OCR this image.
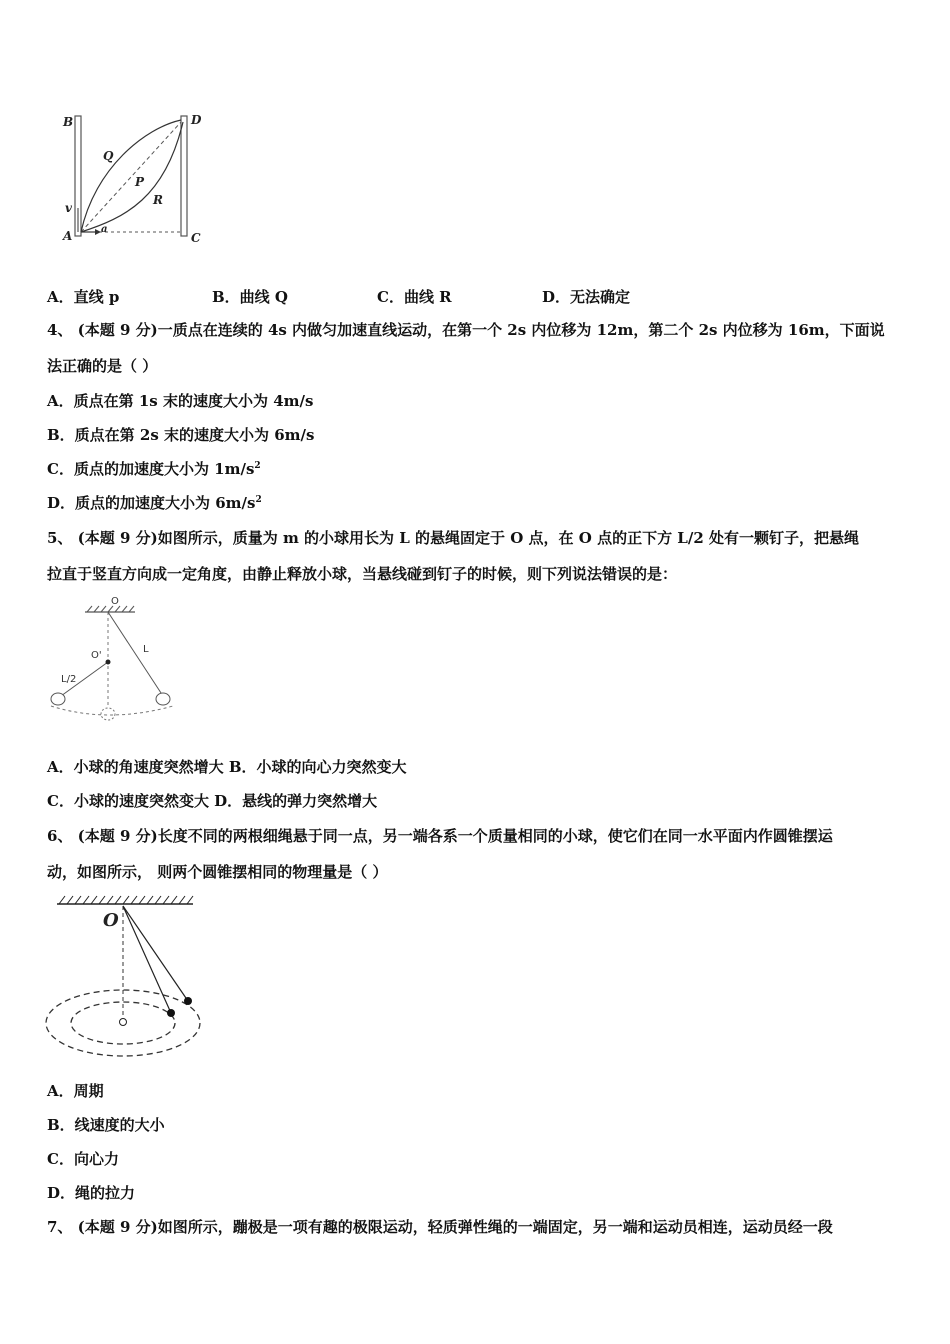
B	D
Q
P
R
v
A	a
C
A．直线 p	B．曲线 Q	C．曲线 R	D．无法确定
4、 (本题 9 分)一质点在连续的 4s 内做匀加速直线运动，在第一个 2s 内位移为 12m，第二个 2s 内位移为 16m，下面说
法正确的是（ ）
A．质点在第 1s 末的速度大小为 4m/s
B．质点在第 2s 末的速度大小为 6m/s
C．质点的加速度大小为 $1m/s^2$
D．质点的加速度大小为 $6m/s^2$
5、 (本题 9 分)如图所示，质量为 m 的小球用长为 L 的悬绳固定于 O 点，在 O 点的正下方 L/2 处有一颗钉子，把悬绳
拉直于竖直方向成一定角度，由静止释放小球，当悬线碰到钉子的时候，则下列说法错误的是：
O
O'
L
L/2
A．小球的角速度突然增大 B．小球的向心力突然变大
C．小球的速度突然变大 D．悬线的弹力突然增大
6、 (本题 9 分)长度不同的两根细绳悬于同一点，另一端各系一个质量相同的小球，使它们在同一水平面内作圆锥摆运
动，如图所示， 则两个圆锥摆相同的物理量是（ ）
O
A．周期
B．线速度的大小
C．向心力
D．绳的拉力
7、 (本题 9 分)如图所示，蹦极是一项有趣的极限运动，轻质弹性绳的一端固定，另一端和运动员相连，运动员经一段
